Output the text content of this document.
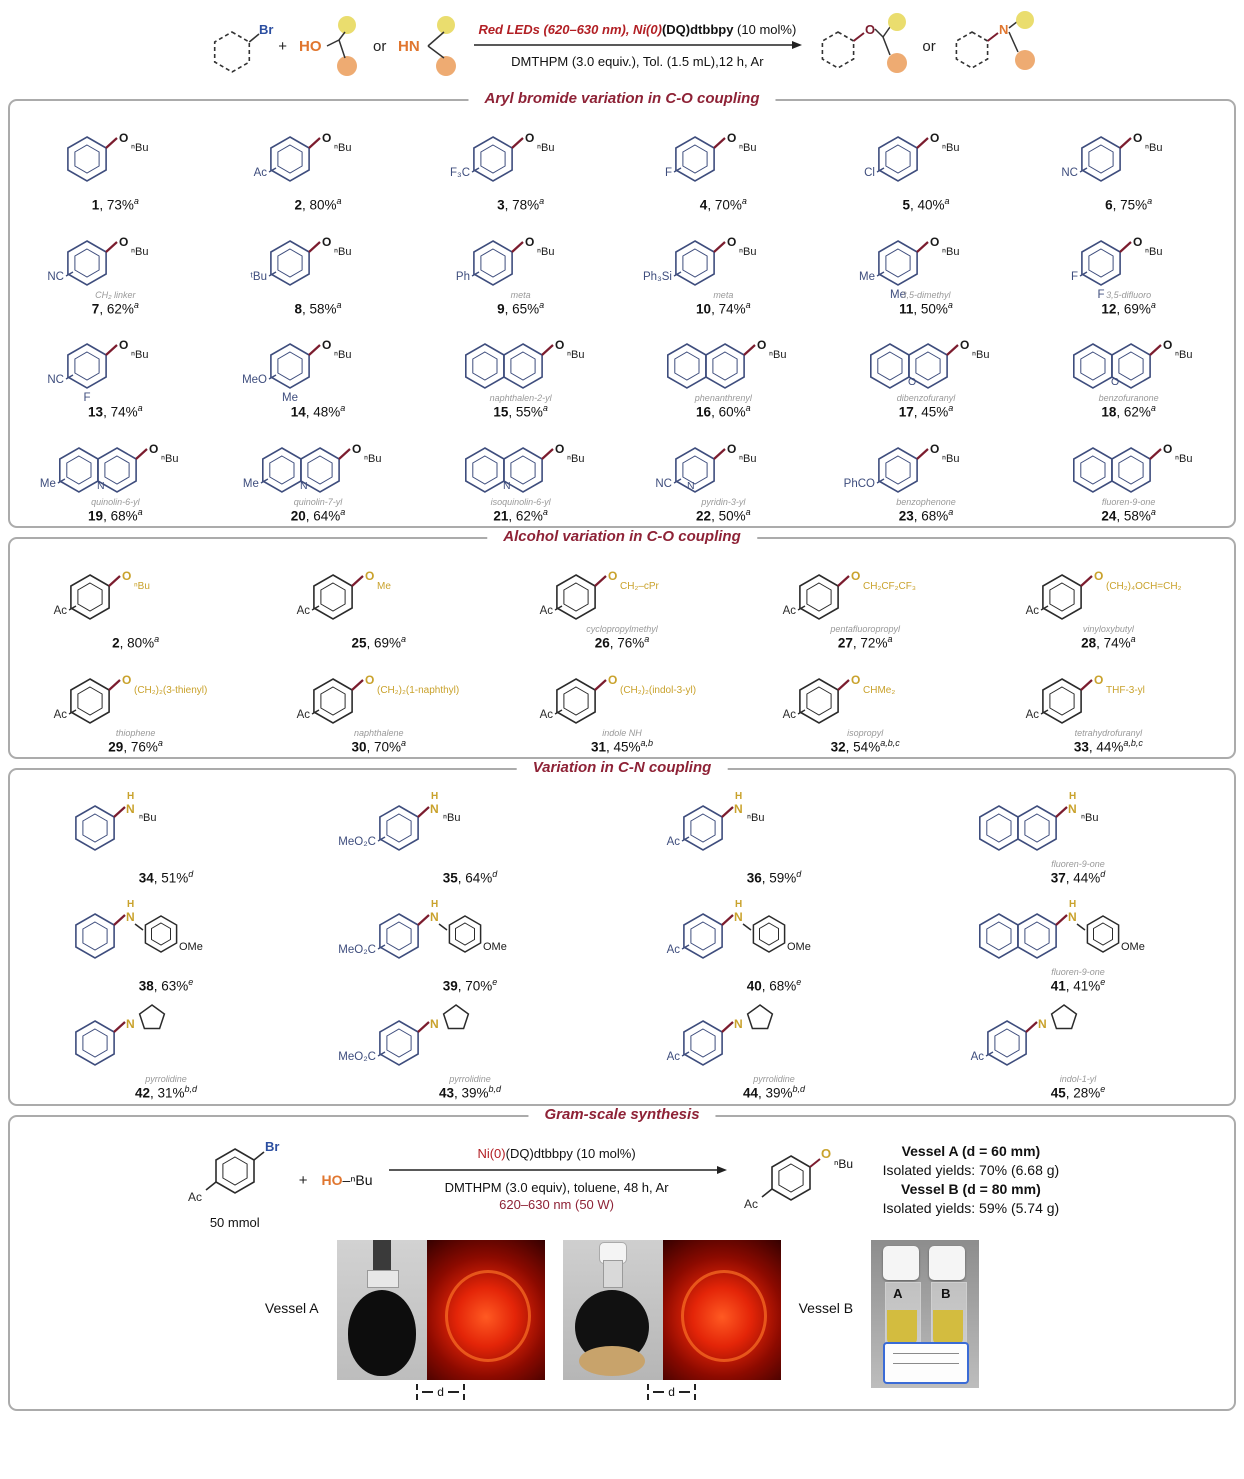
Br
+ HO	or HN
Red LEDs (620–630 nm), Ni(0)(DQ)dtbbpy (10 mol%)
DMTHPM (3.0 equiv.), Tol. (1.5 mL),12 h, Ar
O
or
N
Aryl bromide variation in C-O coupling
O
ⁿBu
1, 73%$^a$
O
ⁿBu
Ac
2, 80%$^a$
O
ⁿBu
F₃C
3, 78%$^a$
O
ⁿBu
F
4, 70%$^a$
O
ⁿBu
Cl
5, 40%$^a$
O
ⁿBu
NC
6, 75%$^a$
O
ⁿBu
NC
CH₂ linker
7, 62%$^a$
O
ⁿBu
ᵗBu
8, 58%$^a$
O
ⁿBu
Ph
meta
9, 65%$^a$
O
ⁿBu
Ph₃Si
meta
10, 74%$^a$
O
ⁿBu
Me
Me
3,5-dimethyl
11, 50%$^a$
O
ⁿBu
F
F 3,5-difluoro
12, 69%$^a$
O
ⁿBu
NC
F
13, 74%$^a$
O
ⁿBu
MeO
Me
14, 48%$^a$
O
ⁿBu
naphthalen-2-yl
15, 55%$^a$
O
ⁿBu
phenanthrenyl
16, 60%$^a$
O
ⁿBu
O
dibenzofuranyl
17, 45%$^a$
O
ⁿBu
O
benzofuranone
18, 62%$^a$
O
ⁿBu
Me	N
quinolin-6-yl
19, 68%$^a$
O
ⁿBu
Me	N
quinolin-7-yl
20, 64%$^a$
O
ⁿBu
N
isoquinolin-6-yl
21, 62%$^a$
O
ⁿBu
NC N
pyridin-3-yl
22, 50%$^a$
O
ⁿBu
PhCO
benzophenone
23, 68%$^a$
O
ⁿBu
fluoren-9-one
24, 58%$^a$
Alcohol variation in C-O coupling
O
ⁿBu
Ac
2, 80%$^a$
O
Me
Ac
25, 69%$^a$
O
CH₂–cPr
Ac
cyclopropylmethyl
26, 76%$^a$
O
CH₂CF₂CF₃
Ac
pentafluoropropyl
27, 72%$^a$
O
(CH₂)₄OCH=CH₂
Ac
vinyloxybutyl
28, 74%$^a$
O
(CH₂)₂(3-thienyl)
Ac
thiophene
29, 76%$^a$
O
(CH₂)₂(1-naphthyl)
Ac
naphthalene
30, 70%$^a$
O
(CH₂)₂(indol-3-yl)
Ac
indole NH
31, 45%$^{a,b}$
O
CHMe₂
Ac
isopropyl
32, 54%$^{a,b,c}$
O
THF-3-yl
Ac
tetrahydrofuranyl
33, 44%$^{a,b,c}$
Variation in C-N coupling
N
H
ⁿBu
34, 51%$^d$
N
H
ⁿBu
MeO₂C
35, 64%$^d$
N
H
ⁿBu
Ac
36, 59%$^d$
N
H
ⁿBu
fluoren-9-one
37, 44%$^d$
N
H
OMe
38, 63%$^e$
N
H
OMe
MeO₂C
39, 70%$^e$
N
H
OMe
Ac
40, 68%$^e$
N
H
OMe
fluoren-9-one
41, 41%$^e$
N
pyrrolidine
42, 31%$^{b,d}$
N
MeO₂C
pyrrolidine
43, 39%$^{b,d}$
N
Ac
pyrrolidine
44, 39%$^{b,d}$
N
Ac
indol-1-yl
45, 28%$^e$
Gram-scale synthesis
Br
Ac
50 mmol
+ HO–ⁿBu
Ni(0)(DQ)dtbbpy (10 mol%)
DMTHPM (3.0 equiv), toluene, 48 h, Ar
620–630 nm (50 W)
O
ⁿBu
Ac
Vessel A (d = 60 mm)
Isolated yields: 70% (6.68 g)
Vessel B (d = 80 mm)
Isolated yields: 59% (5.74 g)
Vessel A
d	d
Vessel B
A	B
